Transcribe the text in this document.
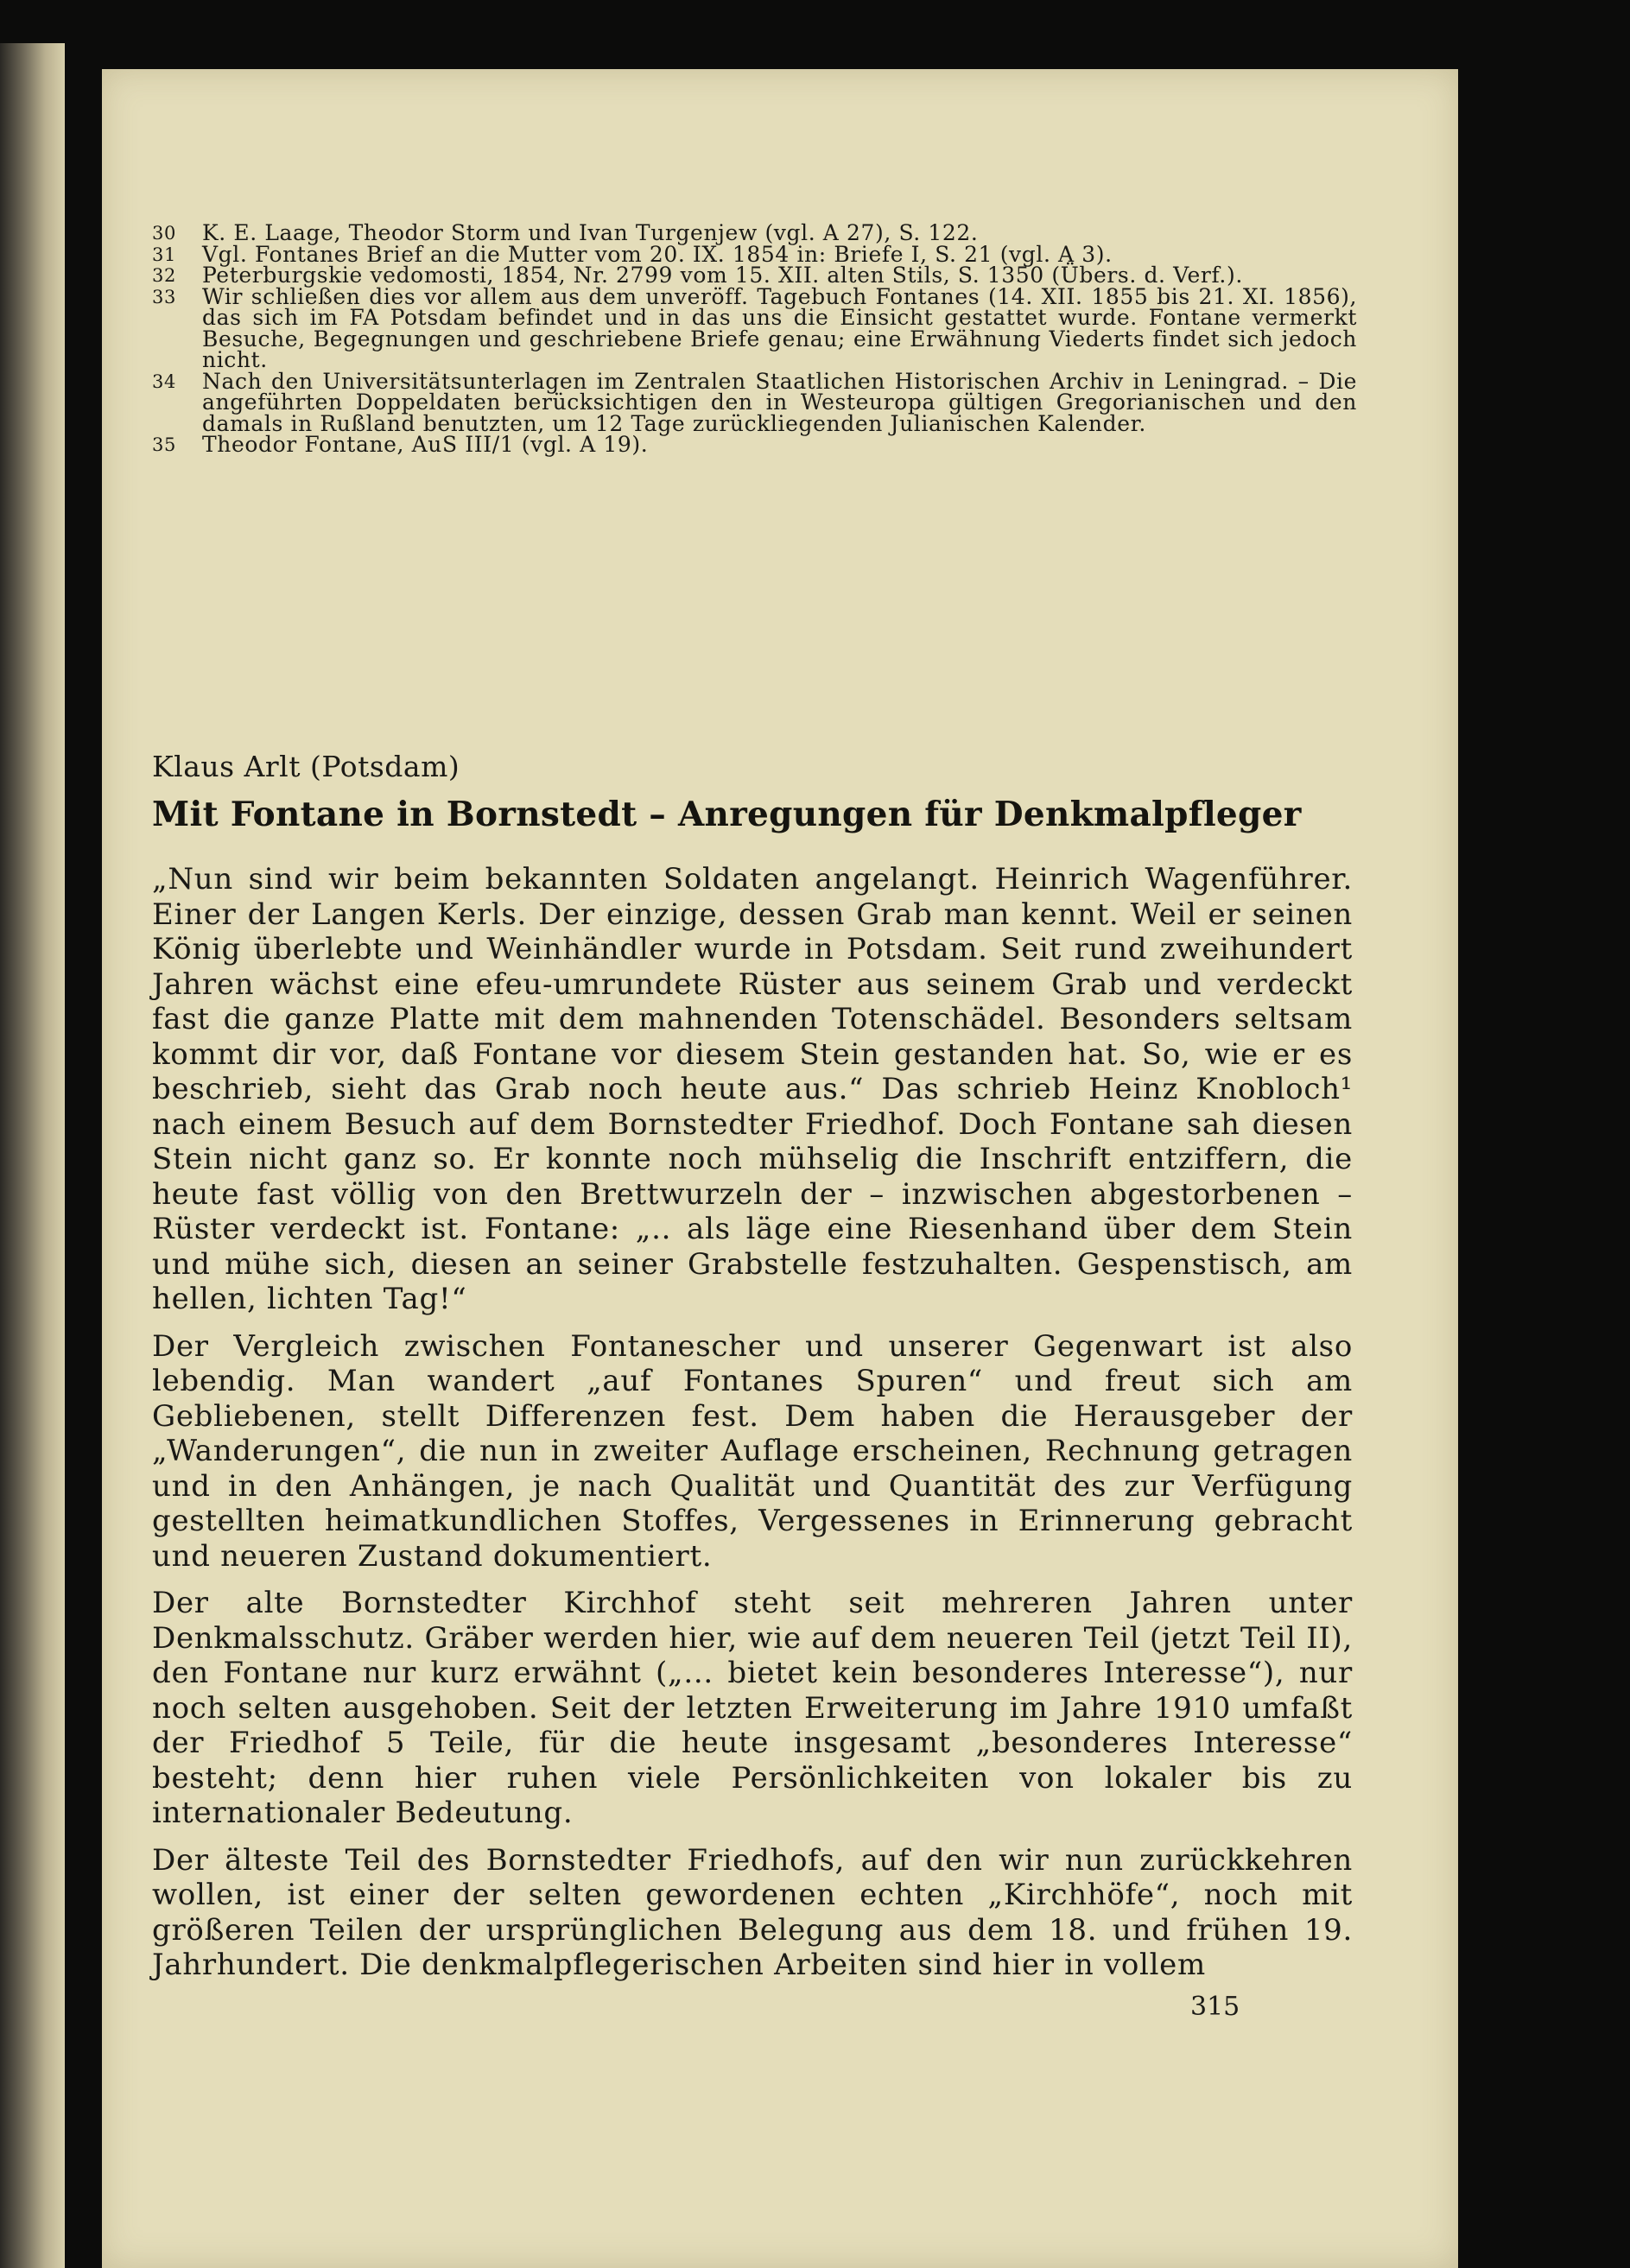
30	K. E. Laage, Theodor Storm und Ivan Turgenjew (vgl. A 27), S. 122.
31	Vgl. Fontanes Brief an die Mutter vom 20. IX. 1854 in: Briefe I, S. 21 (vgl. A 3).
32	Peterburgskie vedomosti, 1854, Nr. 2799 vom 15. XII. alten Stils, S. 1350 (Übers. d. Verf.).
33	Wir schließen dies vor allem aus dem unveröff. Tagebuch Fontanes (14. XII. 1855 bis 21. XI. 1856), das sich im FA Potsdam befindet und in das uns die Einsicht gestattet wurde. Fontane vermerkt Besuche, Begegnungen und geschriebene Briefe genau; eine Erwähnung Viederts findet sich jedoch nicht.
34	Nach den Universitätsunterlagen im Zentralen Staatlichen Historischen Archiv in Leningrad. – Die angeführten Doppeldaten berücksichtigen den in Westeuropa gültigen Gregorianischen und den damals in Rußland benutzten, um 12 Tage zurückliegenden Julianischen Kalender.
35	Theodor Fontane, AuS III/1 (vgl. A 19).
Klaus Arlt (Potsdam)
Mit Fontane in Bornstedt – Anregungen für Denkmalpfleger

„Nun sind wir beim bekannten Soldaten angelangt. Heinrich Wagenführer. Einer der Langen Kerls. Der einzige, dessen Grab man kennt. Weil er seinen König überlebte und Weinhändler wurde in Potsdam. Seit rund zweihundert Jahren wächst eine efeu-umrundete Rüster aus seinem Grab und verdeckt fast die ganze Platte mit dem mahnenden Totenschädel. Besonders seltsam kommt dir vor, daß Fontane vor diesem Stein gestanden hat. So, wie er es beschrieb, sieht das Grab noch heute aus.“ Das schrieb Heinz Knobloch¹ nach einem Besuch auf dem Bornstedter Friedhof. Doch Fontane sah diesen Stein nicht ganz so. Er konnte noch mühselig die Inschrift entziffern, die heute fast völlig von den Brettwurzeln der – inzwischen abgestorbenen – Rüster verdeckt ist. Fontane: „.. als läge eine Riesenhand über dem Stein und mühe sich, diesen an seiner Grabstelle festzuhalten. Gespenstisch, am hellen, lichten Tag!“

Der Vergleich zwischen Fontanescher und unserer Gegenwart ist also lebendig. Man wandert „auf Fontanes Spuren“ und freut sich am Gebliebenen, stellt Differenzen fest. Dem haben die Herausgeber der „Wanderungen“, die nun in zweiter Auflage erscheinen, Rechnung getragen und in den Anhängen, je nach Qualität und Quantität des zur Verfügung gestellten heimatkundlichen Stoffes, Vergessenes in Erinnerung gebracht und neueren Zustand dokumentiert.

Der alte Bornstedter Kirchhof steht seit mehreren Jahren unter Denkmalsschutz. Gräber werden hier, wie auf dem neueren Teil (jetzt Teil II), den Fontane nur kurz erwähnt („... bietet kein besonderes Interesse“), nur noch selten ausgehoben. Seit der letzten Erweiterung im Jahre 1910 umfaßt der Friedhof 5 Teile, für die heute insgesamt „besonderes Interesse“ besteht; denn hier ruhen viele Persönlichkeiten von lokaler bis zu internationaler Bedeutung.

Der älteste Teil des Bornstedter Friedhofs, auf den wir nun zurückkehren wollen, ist einer der selten gewordenen echten „Kirchhöfe“, noch mit größeren Teilen der ursprünglichen Belegung aus dem 18. und frühen 19. Jahrhundert. Die denkmalpflegerischen Arbeiten sind hier in vollem

315
